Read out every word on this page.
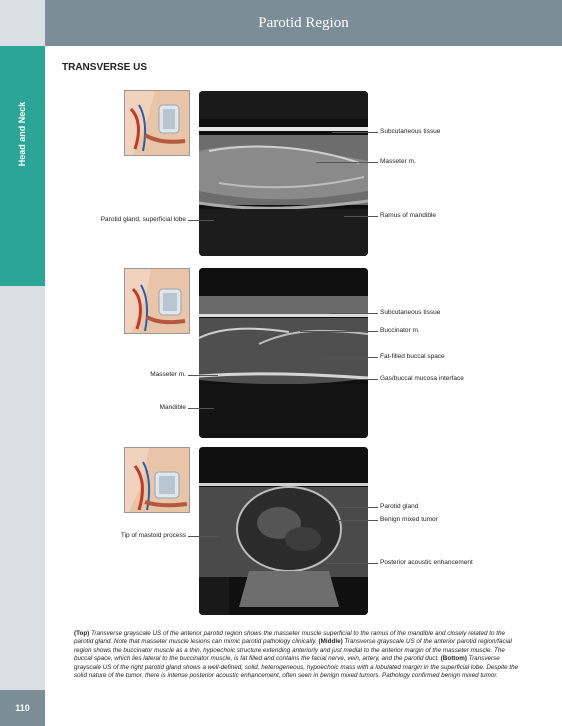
Parotid Region
Head and Neck
110
TRANSVERSE US
Subcutaneous tissue
Masseter m.
Ramus of mandible
Parotid gland, superficial lobe
Subcutaneous tissue
Buccinator m.
Fat-filled buccal space
Gas/buccal mucosa interface
Masseter m.
Mandible
Parotid gland
Benign mixed tumor
Posterior acoustic enhancement
Tip of mastoid process
(Top) Transverse grayscale US of the anterior parotid region shows the masseter muscle superficial to the ramus of the mandible and closely related to the parotid gland. Note that masseter muscle lesions can mimic parotid pathology clinically. (Middle) Transverse grayscale US of the anterior parotid region/facial region shows the buccinator muscle as a thin, hypoechoic structure extending anteriorly and just medial to the anterior margin of the masseter muscle. The buccal space, which lies lateral to the buccinator muscle, is fat filled and contains the facial nerve, vein, artery, and the parotid duct. (Bottom) Transverse grayscale US of the right parotid gland shows a well-defined, solid, heterogeneous, hypoechoic mass with a lobulated margin in the superficial lobe. Despite the solid nature of the tumor, there is intense posterior acoustic enhancement, often seen in benign mixed tumors. Pathology confirmed benign mixed tumor.
